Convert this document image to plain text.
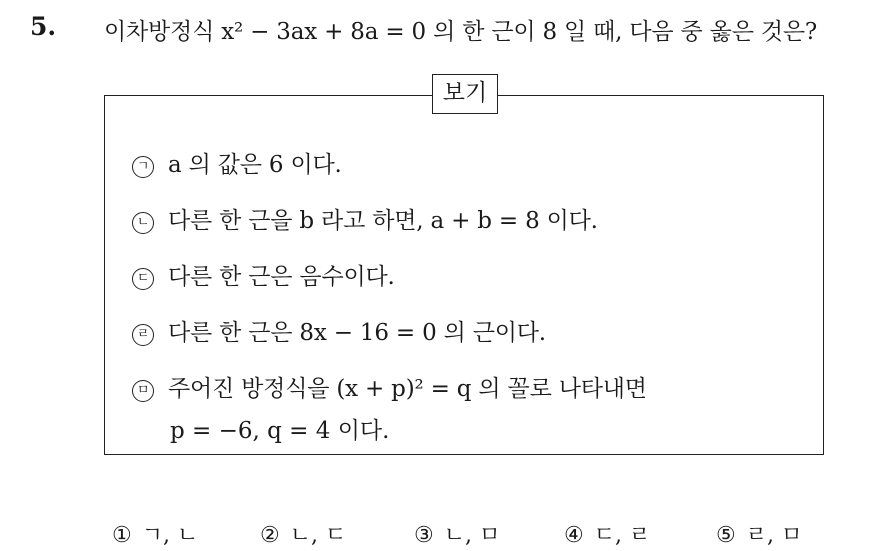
5. 이차방정식 x² − 3ax + 8a = 0 의 한 근이 8 일 때, 다음 중 옳은 것은?
보기
ㄱ a 의 값은 6 이다.
ㄴ 다른 한 근을 b 라고 하면, a + b = 8 이다.
ㄷ 다른 한 근은 음수이다.
ㄹ 다른 한 근은 8x − 16 = 0 의 근이다.
ㅁ 주어진 방정식을 (x + p)² = q 의 꼴로 나타내면
p = −6, q = 4 이다.
① ㄱ, ㄴ	② ㄴ, ㄷ	③ ㄴ, ㅁ	④ ㄷ, ㄹ	⑤ ㄹ, ㅁ
